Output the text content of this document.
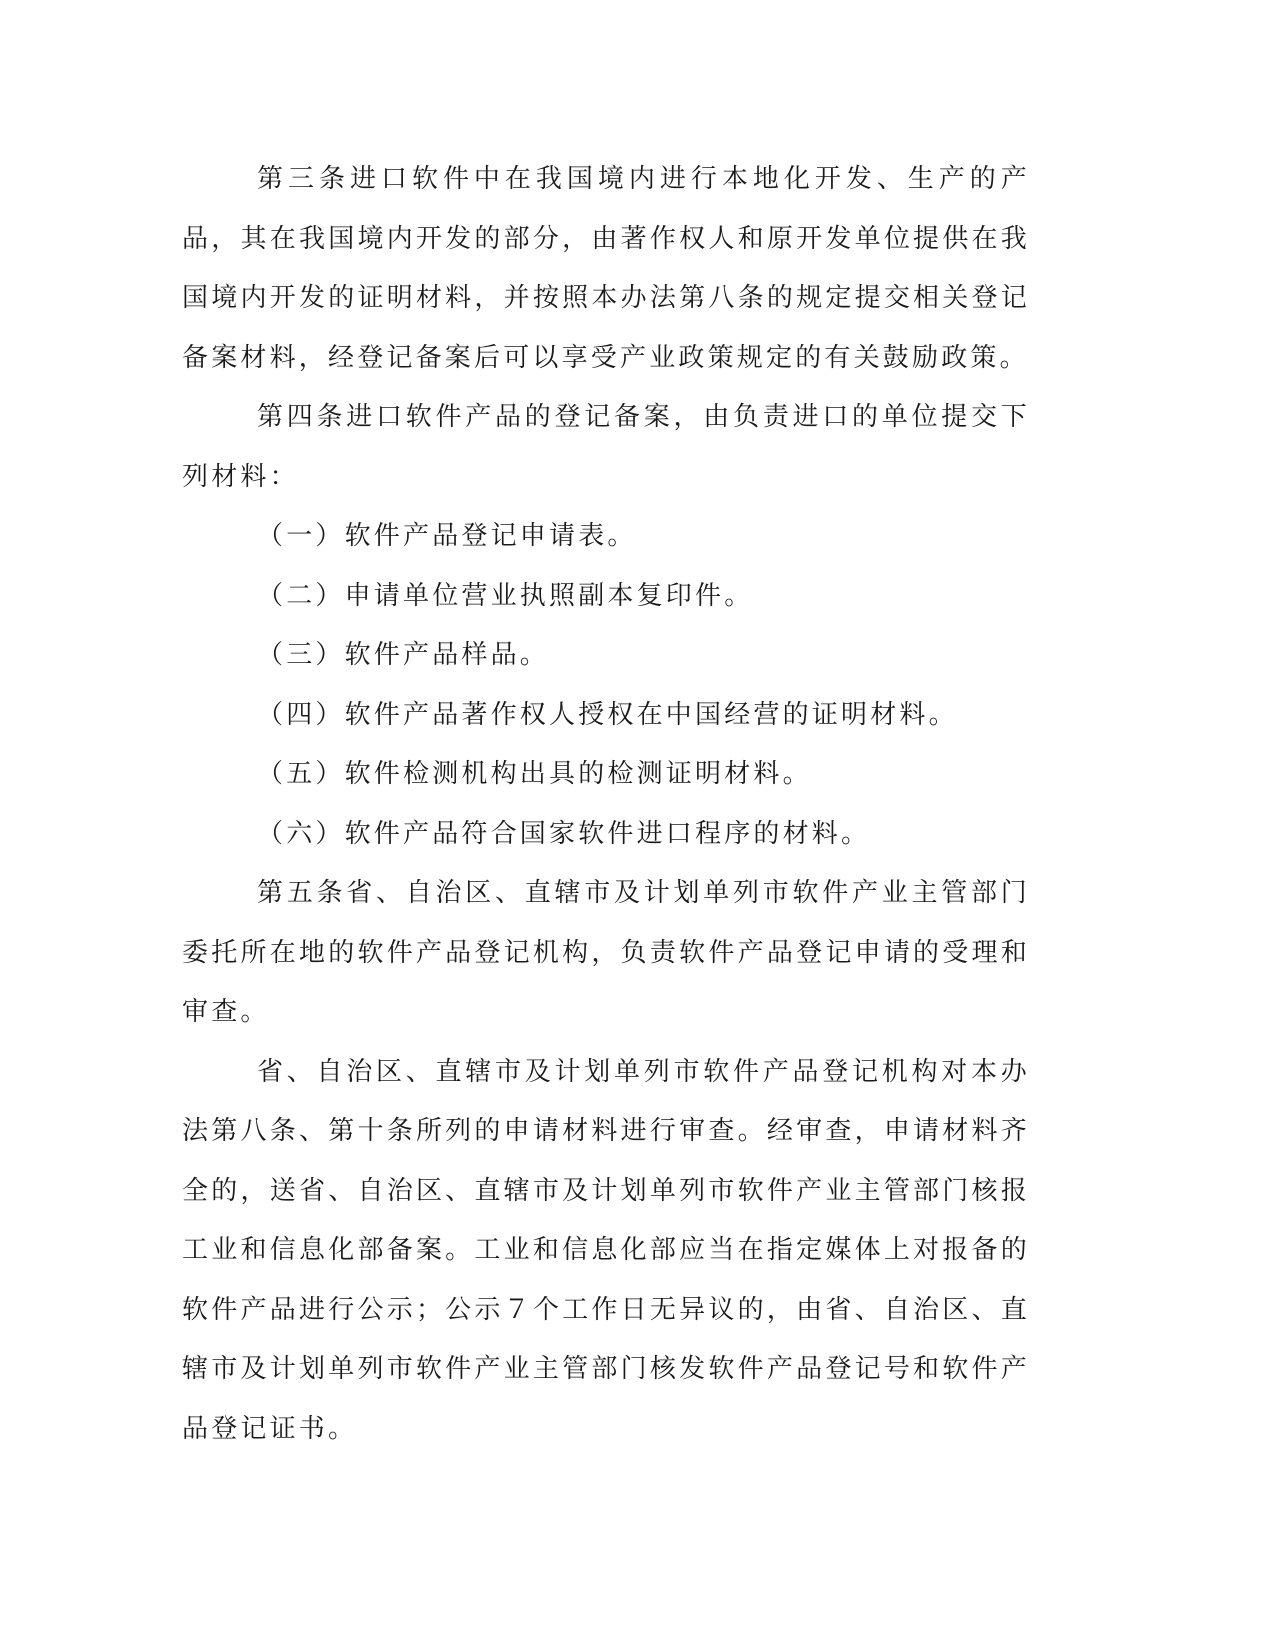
第三条进口软件中在我国境内进行本地化开发、生产的产品，其在我国境内开发的部分，由著作权人和原开发单位提供在我国境内开发的证明材料，并按照本办法第八条的规定提交相关登记备案材料，经登记备案后可以享受产业政策规定的有关鼓励政策。

第四条进口软件产品的登记备案，由负责进口的单位提交下列材料：

（一）软件产品登记申请表。

（二）申请单位营业执照副本复印件。

（三）软件产品样品。

（四）软件产品著作权人授权在中国经营的证明材料。

（五）软件检测机构出具的检测证明材料。

（六）软件产品符合国家软件进口程序的材料。

第五条省、自治区、直辖市及计划单列市软件产业主管部门委托所在地的软件产品登记机构，负责软件产品登记申请的受理和审查。

省、自治区、直辖市及计划单列市软件产品登记机构对本办法第八条、第十条所列的申请材料进行审查。经审查，申请材料齐全的，送省、自治区、直辖市及计划单列市软件产业主管部门核报工业和信息化部备案。工业和信息化部应当在指定媒体上对报备的软件产品进行公示；公示７个工作日无异议的，由省、自治区、直辖市及计划单列市软件产业主管部门核发软件产品登记号和软件产品登记证书。
